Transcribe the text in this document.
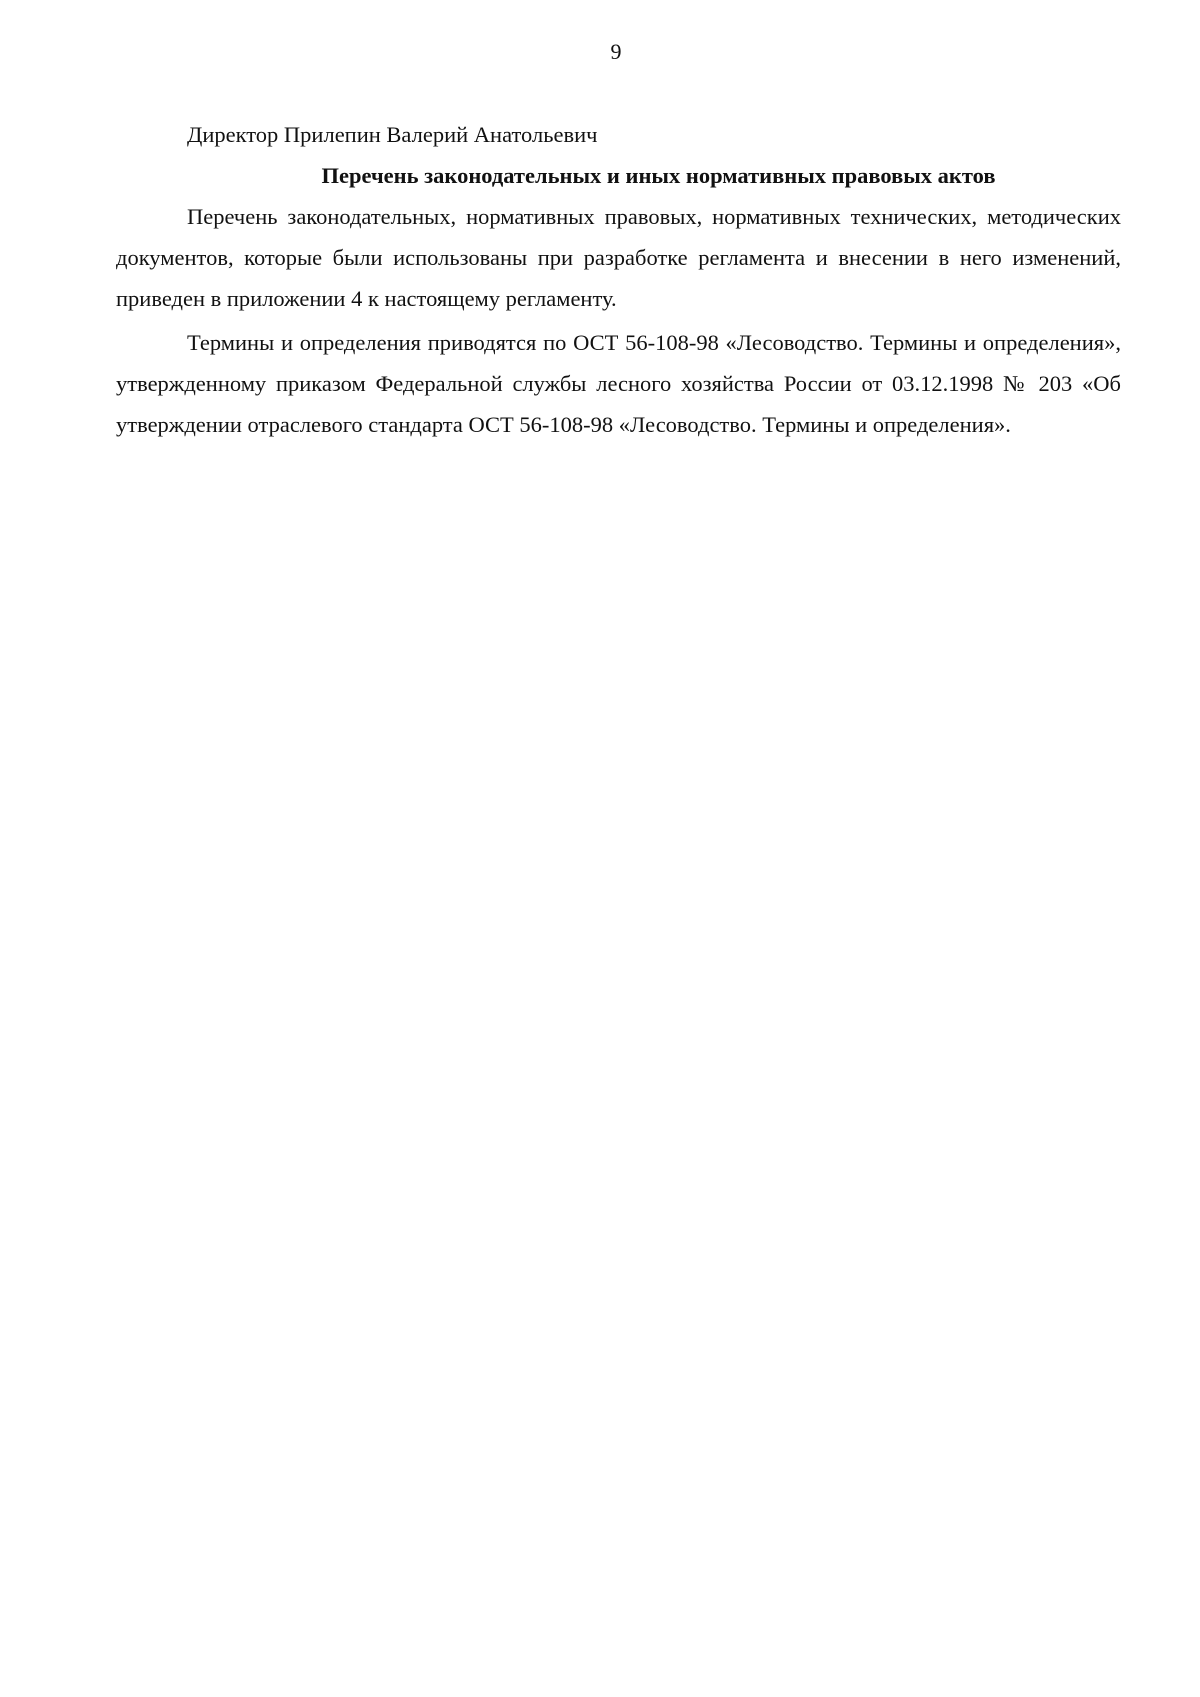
9

Директор Прилепин Валерий Анатольевич

Перечень законодательных и иных нормативных правовых актов

Перечень законодательных, нормативных правовых, нормативных технических, методических документов, которые были использованы при разработке регламента и внесении в него изменений, приведен в приложении 4 к настоящему регламенту.

Термины и определения приводятся по ОСТ 56-108-98 «Лесоводство. Термины и определения», утвержденному приказом Федеральной службы лесного хозяйства России от 03.12.1998 № 203 «Об утверждении отраслевого стандарта ОСТ 56-108-98 «Лесоводство. Термины и определения».
